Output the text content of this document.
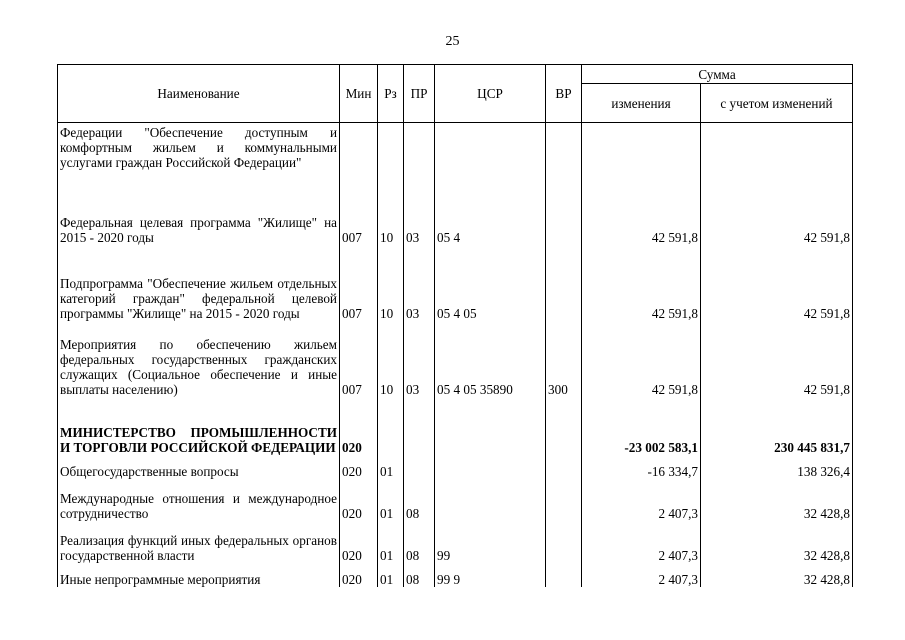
25
Наименование	Мин	Рз	ПР	ЦСР	ВР	Сумма	
						изменения	с учетом изменений
Федерации "Обеспечение доступным и комфортным жильем и коммунальными услугами граждан Российской Федерации"							
Федеральная целевая программа "Жилище" на 2015 - 2020 годы	007	10	03	05 4		42 591,8	42 591,8
Подпрограмма "Обеспечение жильем отдельных категорий граждан" федеральной целевой программы "Жилище" на 2015 - 2020 годы	007	10	03	05 4 05		42 591,8	42 591,8
Мероприятия по обеспечению жильем федеральных государственных гражданских служащих (Социальное обеспечение и иные выплаты населению)	007	10	03	05 4 05 35890	300	42 591,8	42 591,8
МИНИСТЕРСТВО ПРОМЫШЛЕННОСТИ И ТОРГОВЛИ РОССИЙСКОЙ ФЕДЕРАЦИИ	020					-23 002 583,1	230 445 831,7
Общегосударственные вопросы	020	01				-16 334,7	138 326,4
Международные отношения и международное сотрудничество	020	01	08			2 407,3	32 428,8
Реализация функций иных федеральных органов государственной власти	020	01	08	99		2 407,3	32 428,8
Иные непрограммные мероприятия	020	01	08	99 9		2 407,3	32 428,8
